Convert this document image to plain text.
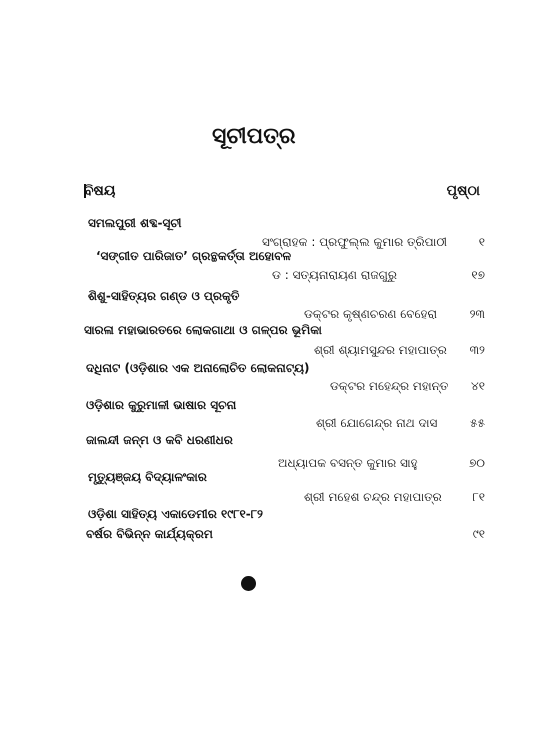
ସୂଚୀପତ୍ର
ବିଷୟ	ପୃଷ୍ଠା
ସମଲପୁରୀ ଶବ୍ଦ-ସୂଚୀ
ସଂଗ୍ରାହକ : ପ୍ରଫୁଲ୍ଲ କୁମାର ତ୍ରିପାଠୀ	୧
‘ସଙ୍ଗୀତ ପାରିଜାତ’ ଗ୍ରନ୍ଥକର୍ତ୍ତା ଅହୋବଳ
ଡ : ସତ୍ୟନାରାୟଣ ରାଜଗୁରୁ	୧୭
ଶିଶୁ-ସାହିତ୍ୟର ଗଣ୍ଡ ଓ ପ୍ରକୃତି
ଡକ୍ଟର କୃଷ୍ଣଚରଣ ବେହେରା	୨୩
ସାରଳା ମହାଭାରତରେ ଲୋକଗାଥା ଓ ଗଳ୍ପର ଭୂମିକା
ଶ୍ରୀ ଶ୍ୟାମସୁନ୍ଦର ମହାପାତ୍ର	୩୨
ଦଧିନାଟ (ଓଡ଼ିଶାର ଏକ ଅନାଲୋଚିତ ଲୋକନାଟ୍ୟ)
ଡକ୍ଟର ମହେନ୍ଦ୍ର ମହାନ୍ତ	୪୧
ଓଡ଼ିଶାର କୁରୁମାଳୀ ଭାଷାର ସୂଚନା
ଶ୍ରୀ ଯୋଗେନ୍ଦ୍ର ନାଥ ଦାସ	୫୫
ଜାଲନ୍ଦୀ ଜନ୍ମ ଓ କବି ଧରଣୀଧର
ଅଧ୍ୟାପକ ବସନ୍ତ କୁମାର ସାହୁ	୭୦
ମୃତ୍ୟୁଞ୍ଜୟ ବିଦ୍ୟାଳଂକାର
ଶ୍ରୀ ମହେଶ ଚନ୍ଦ୍ର ମହାପାତ୍ର	୮୧
ଓଡ଼ିଶା ସାହିତ୍ୟ ଏକାଡେମୀର ୧୯୮୧-୮୨
ବର୍ଷର ବିଭିନ୍ନ କାର୍ଯ୍ୟକ୍ରମ	୯୧
